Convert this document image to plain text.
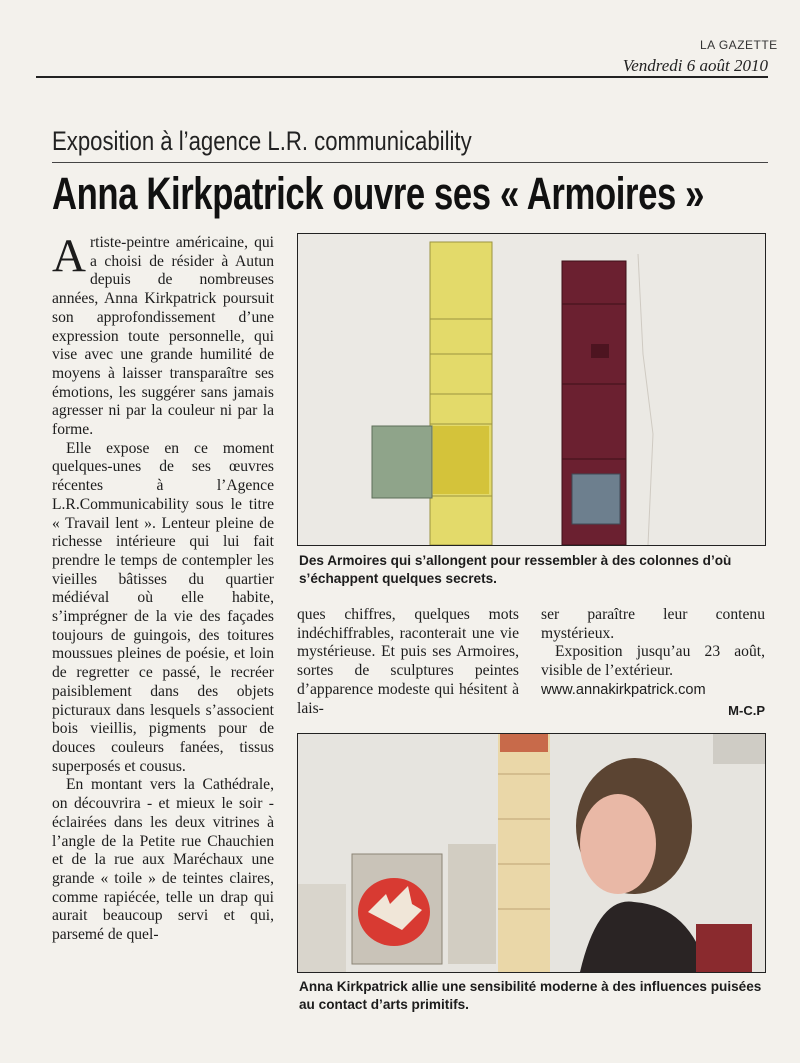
LA GAZETTE
Vendredi 6 août 2010
Exposition à l’agence L.R. communicability
Anna Kirkpatrick ouvre ses « Armoires »

Artiste-peintre américaine, qui a choisi de résider à Autun depuis de nombreuses années, Anna Kirkpatrick poursuit son approfondissement d’une expression toute personnelle, qui vise avec une grande humilité de moyens à laisser transparaître ses émotions, les suggérer sans jamais agresser ni par la couleur ni par la forme.

Elle expose en ce moment quelques-unes de ses œuvres récentes à l’Agence L.R.Communicability sous le titre « Travail lent ». Lenteur pleine de richesse intérieure qui lui fait prendre le temps de contempler les vieilles bâtisses du quartier médiéval où elle habite, s’imprégner de la vie des façades toujours de guingois, des toitures moussues pleines de poésie, et loin de regretter ce passé, le recréer paisiblement dans des objets picturaux dans lesquels s’associent bois vieillis, pigments pour de douces couleurs fanées, tissus superposés et cousus.

En montant vers la Cathédrale, on découvrira - et mieux le soir - éclairées dans les deux vitrines à l’angle de la Petite rue Chauchien et de la rue aux Maréchaux une grande « toile » de teintes claires, comme rapiécée, telle un drap qui aurait beaucoup servi et qui, parsemé de quel-

ques chiffres, quelques mots indéchiffrables, raconterait une vie mystérieuse. Et puis ses Armoires, sortes de sculptures peintes d’apparence modeste qui hésitent à lais-

ser paraître leur contenu mystérieux.

Exposition jusqu’au 23 août, visible de l’extérieur.

www.annakirkpatrick.com
M-C.P
Des Armoires qui s’allongent pour ressembler à des colonnes d’où s’échappent quelques secrets.
Anna Kirkpatrick allie une sensibilité moderne à des influences puisées au contact d’arts primitifs.
